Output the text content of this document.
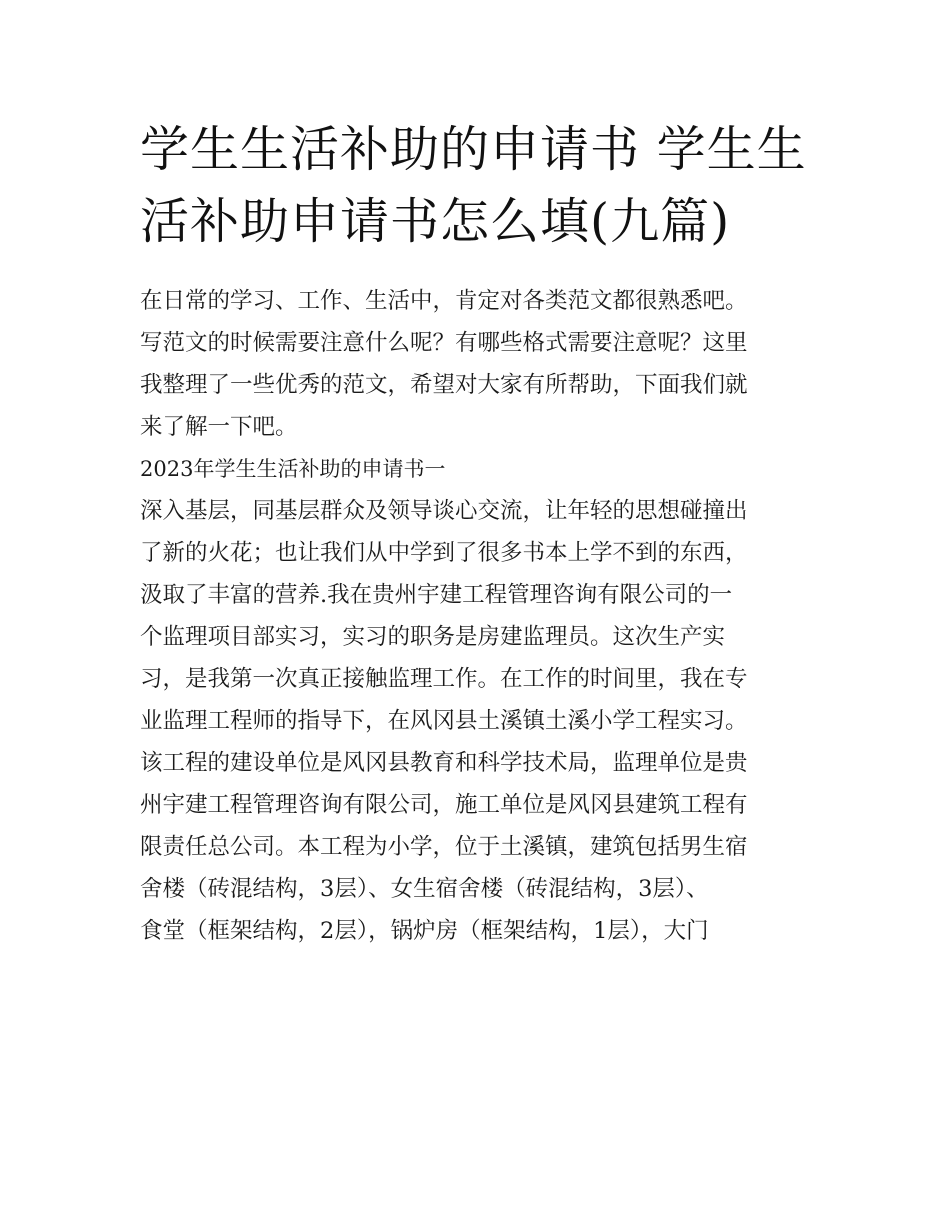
学生生活补助的申请书 学生生
活补助申请书怎么填(九篇)
在日常的学习、工作、生活中，肯定对各类范文都很熟悉吧。
写范文的时候需要注意什么呢？有哪些格式需要注意呢？这里
我整理了一些优秀的范文，希望对大家有所帮助，下面我们就
来了解一下吧。
2023年学生生活补助的申请书一
深入基层，同基层群众及领导谈心交流，让年轻的思想碰撞出
了新的火花；也让我们从中学到了很多书本上学不到的东西，
汲取了丰富的营养.我在贵州宇建工程管理咨询有限公司的一
个监理项目部实习，实习的职务是房建监理员。这次生产实
习，是我第一次真正接触监理工作。在工作的时间里，我在专
业监理工程师的指导下，在风冈县土溪镇土溪小学工程实习。
该工程的建设单位是风冈县教育和科学技术局，监理单位是贵
州宇建工程管理咨询有限公司，施工单位是风冈县建筑工程有
限责任总公司。本工程为小学，位于土溪镇，建筑包括男生宿
舍楼（砖混结构，3层）、女生宿舍楼（砖混结构，3层）、
食堂（框架结构，2层），锅炉房（框架结构，1层），大门
